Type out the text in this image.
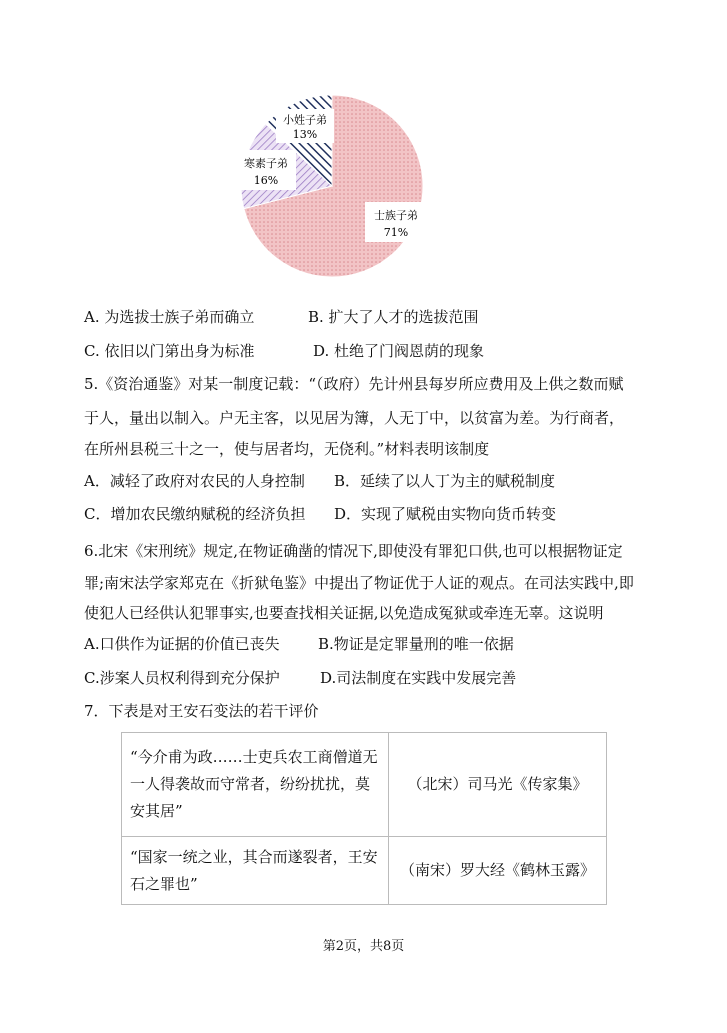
士族子弟
71%
寒素子弟
16%
小姓子弟
13%
A. 为选拔士族子弟而确立	B. 扩大了人才的选拔范围
C. 依旧以门第出身为标准	D. 杜绝了门阀恩荫的现象
5.《资治通鉴》对某一制度记载：“（政府）先计州县每岁所应费用及上供之数而赋
于人，量出以制入。户无主客，以见居为簿，人无丁中，以贫富为差。为行商者，
在所州县税三十之一，使与居者均，无侥利。”材料表明该制度
A．减轻了政府对农民的人身控制 B．延续了以人丁为主的赋税制度
C．增加农民缴纳赋税的经济负担 D．实现了赋税由实物向货币转变
6.北宋《宋刑统》规定,在物证确凿的情况下,即使没有罪犯口供,也可以根据物证定
罪;南宋法学家郑克在《折狱龟鉴》中提出了物证优于人证的观点。在司法实践中,即
使犯人已经供认犯罪事实,也要查找相关证据,以免造成冤狱或牵连无辜。这说明
A.口供作为证据的价值已丧失	B.物证是定罪量刑的唯一依据
C.涉案人员权利得到充分保护	D.司法制度在实践中发展完善
7．下表是对王安石变法的若干评价
“今介甫为政……士吏兵农工商僧道无
一人得袭故而守常者，纷纷扰扰，莫
安其居”	（北宋）司马光《传家集》

“国家一统之业，其合而遂裂者，王安
石之罪也”	（南宋）罗大经《鹤林玉露》
第2页，共8页
